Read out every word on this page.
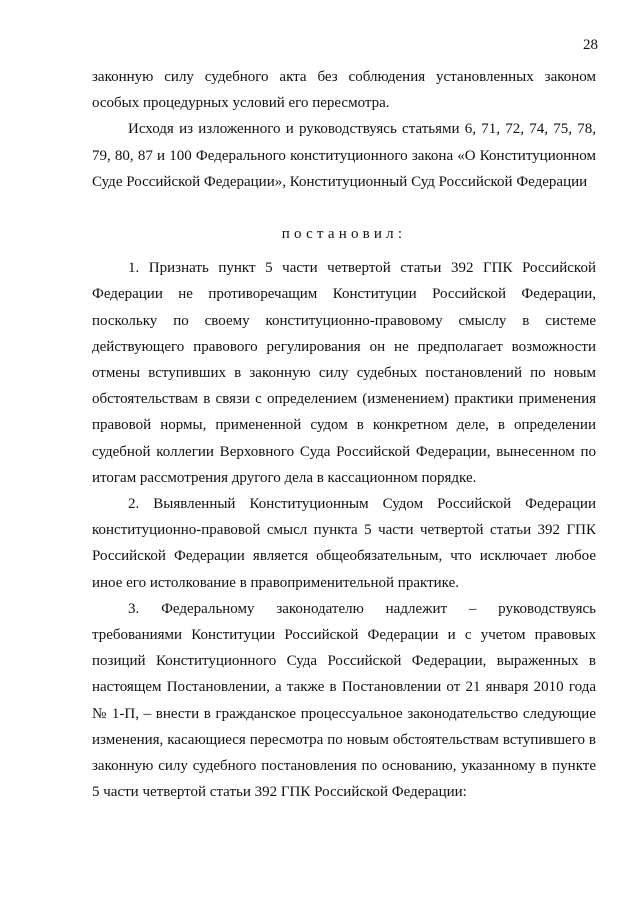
28

законную силу судебного акта без соблюдения установленных законом особых процедурных условий его пересмотра.

Исходя из изложенного и руководствуясь статьями 6, 71, 72, 74, 75, 78, 79, 80, 87 и 100 Федерального конституционного закона «О Конституционном Суде Российской Федерации», Конституционный Суд Российской Федерации

постановил:

1. Признать пункт 5 части четвертой статьи 392 ГПК Российской Федерации не противоречащим Конституции Российской Федерации, поскольку по своему конституционно-правовому смыслу в системе действующего правового регулирования он не предполагает возможности отмены вступивших в законную силу судебных постановлений по новым обстоятельствам в связи с определением (изменением) практики применения правовой нормы, примененной судом в конкретном деле, в определении судебной коллегии Верховного Суда Российской Федерации, вынесенном по итогам рассмотрения другого дела в кассационном порядке.

2. Выявленный Конституционным Судом Российской Федерации конституционно-правовой смысл пункта 5 части четвертой статьи 392 ГПК Российской Федерации является общеобязательным, что исключает любое иное его истолкование в правоприменительной практике.

3. Федеральному законодателю надлежит – руководствуясь требованиями Конституции Российской Федерации и с учетом правовых позиций Конституционного Суда Российской Федерации, выраженных в настоящем Постановлении, а также в Постановлении от 21 января 2010 года № 1-П, – внести в гражданское процессуальное законодательство следующие изменения, касающиеся пересмотра по новым обстоятельствам вступившего в законную силу судебного постановления по основанию, указанному в пункте 5 части четвертой статьи 392 ГПК Российской Федерации:
